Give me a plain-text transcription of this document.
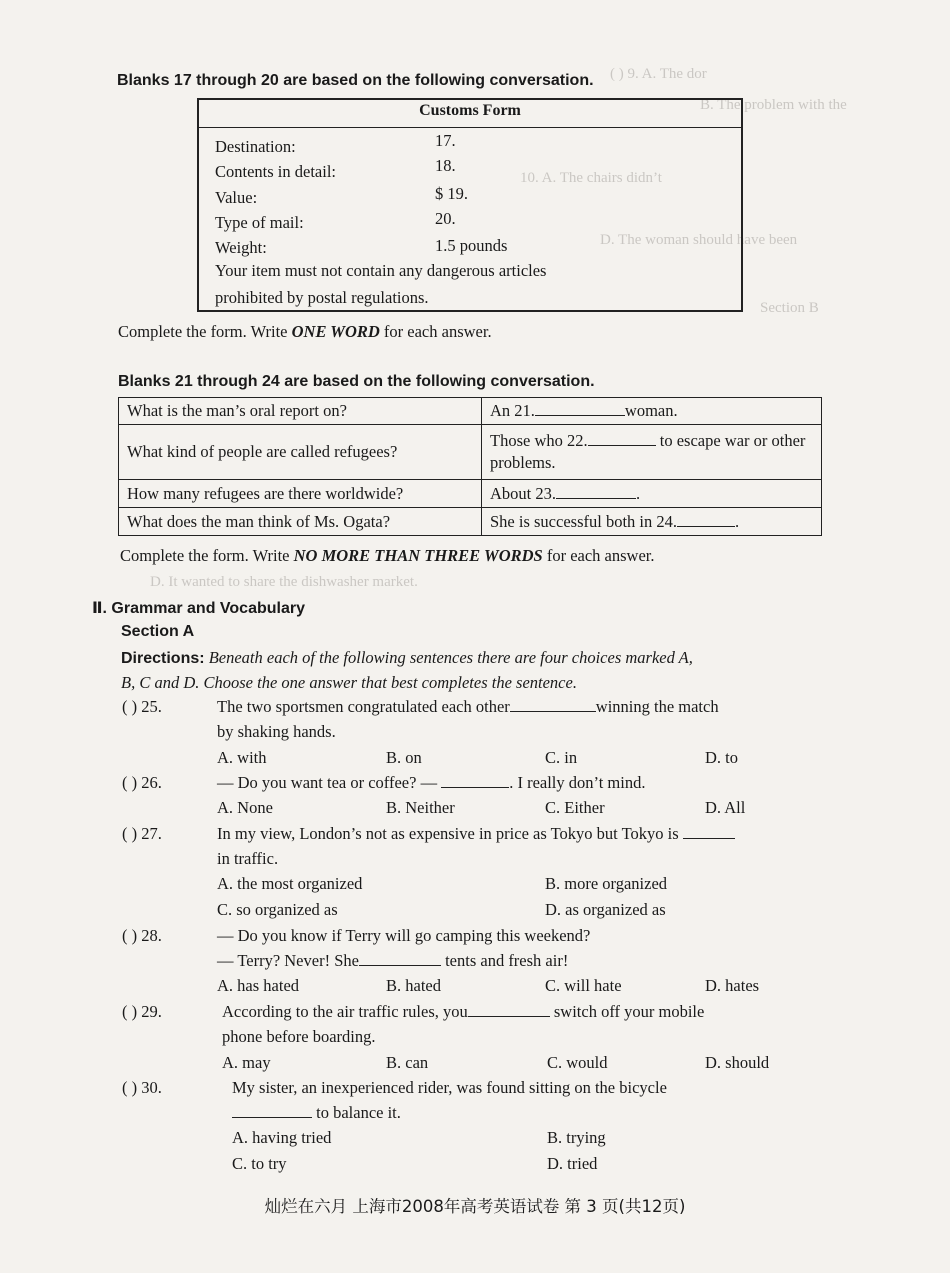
( ) 9. A. The dor
B. The problem with the
10. A. The chairs didn’t
D. The woman should have been
Section B
D. It wanted to share the dishwasher market.
Blanks 17 through 20 are based on the following conversation.
Customs Form
Destination:	17.
Contents in detail:	18.
Value:	$ 19.
Type of mail:	20.
Weight:	1.5 pounds
Your item must not contain any dangerous articles
prohibited by postal regulations.
Complete the form. Write ONE WORD for each answer.
Blanks 21 through 24 are based on the following conversation.
What is the man’s oral report on?	An 21. woman.
What kind of people are called refugees?	Those who 22. to escape war or other problems.
How many refugees are there worldwide?	About 23. .
What does the man think of Ms. Ogata?	She is successful both in 24. .
Complete the form. Write NO MORE THAN THREE WORDS for each answer.
Ⅱ. Grammar and Vocabulary
Section A
Directions: Beneath each of the following sentences there are four choices marked A,
B, C and D. Choose the one answer that best completes the sentence.
( ) 25.	The two sportsmen congratulated each other	winning the match
by shaking hands.
A. with	B. on	C. in	D. to
( ) 26.	— Do you want tea or coffee? —	. I really don’t mind.
A. None	B. Neither	C. Either	D. All
( ) 27.	In my view, London’s not as expensive in price as Tokyo but Tokyo is
in traffic.
A. the most organized	B. more organized
C. so organized as	D. as organized as
( ) 28.	— Do you know if Terry will go camping this weekend?
— Terry? Never! She	tents and fresh air!
A. has hated	B. hated	C. will hate	D. hates
( ) 29.	According to the air traffic rules, you	switch off your mobile
phone before boarding.
A. may	B. can	C. would	D. should
( ) 30.	My sister, an inexperienced rider, was found sitting on the bicycle
to balance it.
A. having tried	B. trying
C. to try	D. tried
灿烂在六月 上海市2008年高考英语试卷 第 3 页(共12页)
